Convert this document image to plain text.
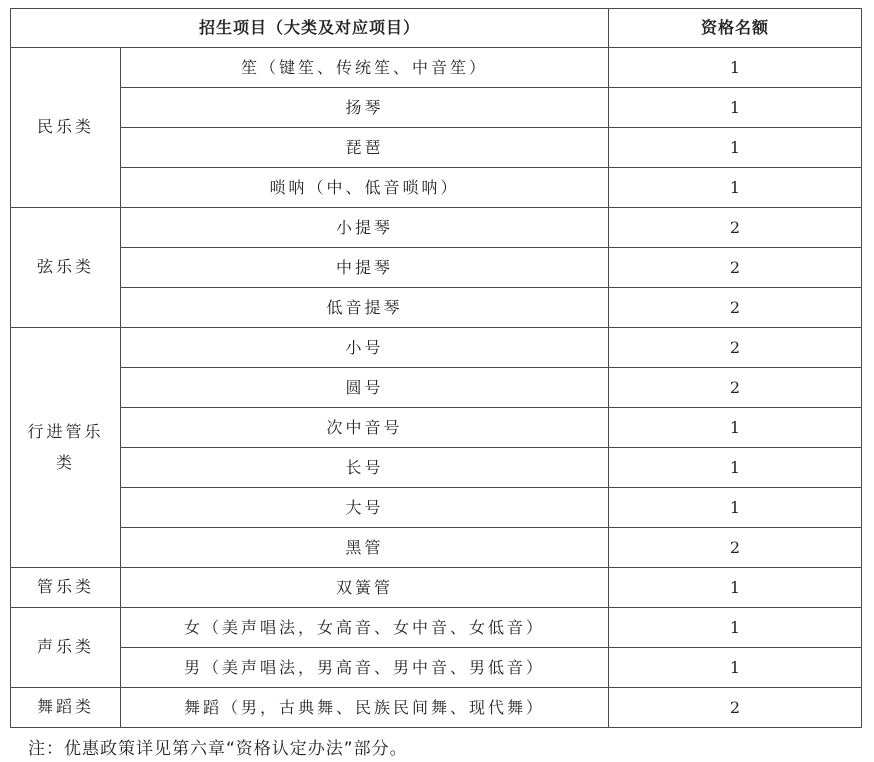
招生项目（大类及对应项目）		资格名额
民乐类	笙（键笙、传统笙、中音笙）	1
	扬琴	1
	琵琶	1
	唢呐（中、低音唢呐）	1
弦乐类	小提琴	2
	中提琴	2
	低音提琴	2
行进管乐类	小号	2
	圆号	2
	次中音号	1
	长号	1
	大号	1
	黑管	2
管乐类	双簧管	1
声乐类	女（美声唱法，女高音、女中音、女低音）	1
	男（美声唱法，男高音、男中音、男低音）	1
舞蹈类	舞蹈（男，古典舞、民族民间舞、现代舞）	2
注：优惠政策详见第六章“资格认定办法”部分。
